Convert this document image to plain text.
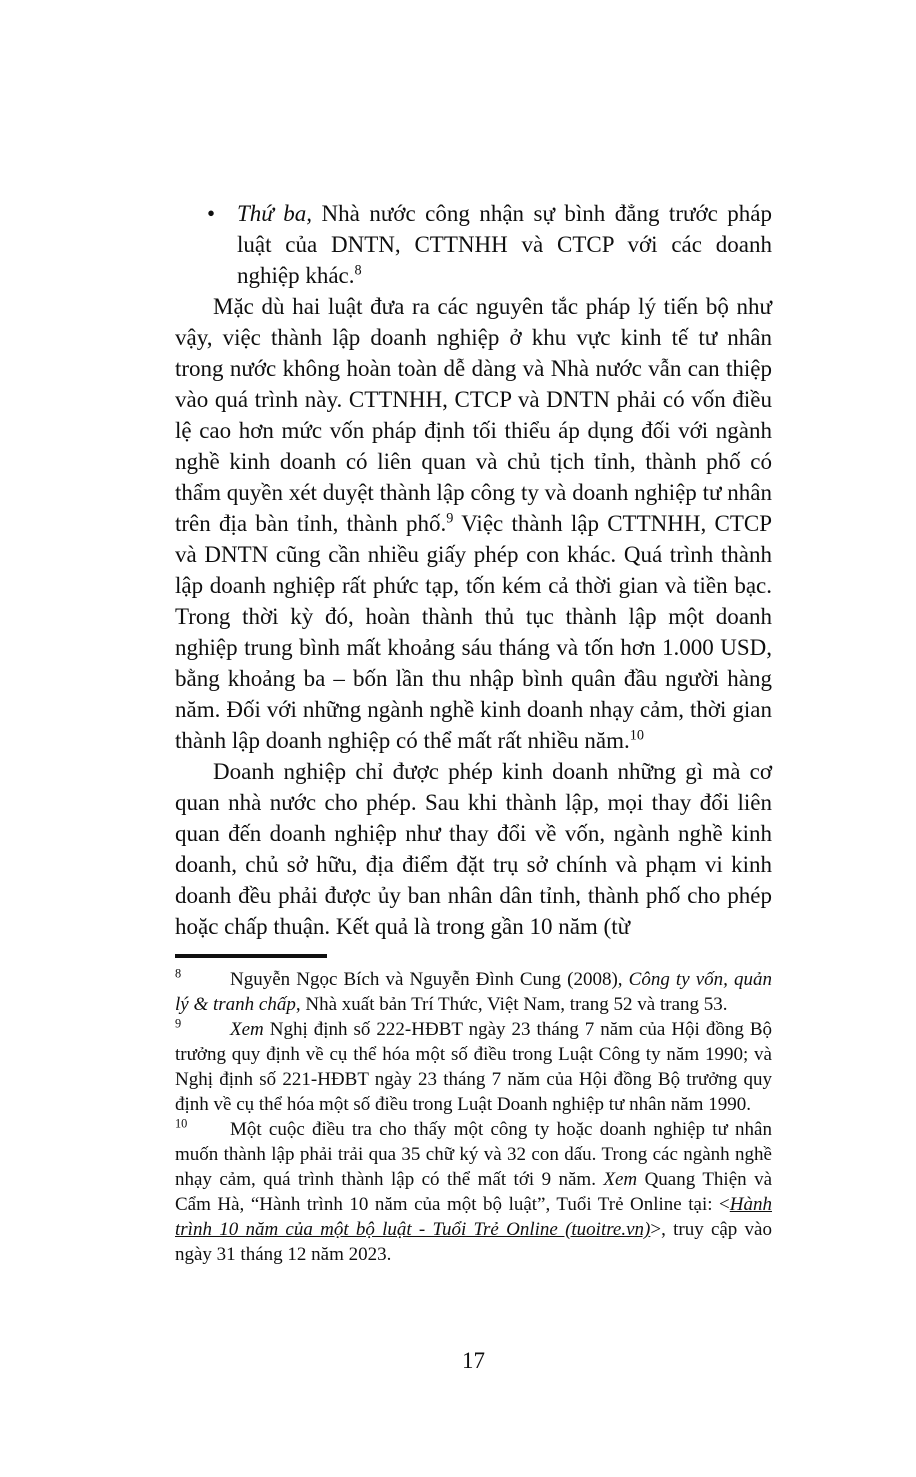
• Thứ ba, Nhà nước công nhận sự bình đẳng trước pháp luật của DNTN, CTTNHH và CTCP với các doanh nghiệp khác.$^8$

Mặc dù hai luật đưa ra các nguyên tắc pháp lý tiến bộ như vậy, việc thành lập doanh nghiệp ở khu vực kinh tế tư nhân trong nước không hoàn toàn dễ dàng và Nhà nước vẫn can thiệp vào quá trình này. CTTNHH, CTCP và DNTN phải có vốn điều lệ cao hơn mức vốn pháp định tối thiểu áp dụng đối với ngành nghề kinh doanh có liên quan và chủ tịch tỉnh, thành phố có thẩm quyền xét duyệt thành lập công ty và doanh nghiệp tư nhân trên địa bàn tỉnh, thành phố.$^9$ Việc thành lập CTTNHH, CTCP và DNTN cũng cần nhiều giấy phép con khác. Quá trình thành lập doanh nghiệp rất phức tạp, tốn kém cả thời gian và tiền bạc. Trong thời kỳ đó, hoàn thành thủ tục thành lập một doanh nghiệp trung bình mất khoảng sáu tháng và tốn hơn 1.000 USD, bằng khoảng ba – bốn lần thu nhập bình quân đầu người hàng năm. Đối với những ngành nghề kinh doanh nhạy cảm, thời gian thành lập doanh nghiệp có thể mất rất nhiều năm.$^{10}$

Doanh nghiệp chỉ được phép kinh doanh những gì mà cơ quan nhà nước cho phép. Sau khi thành lập, mọi thay đổi liên quan đến doanh nghiệp như thay đổi về vốn, ngành nghề kinh doanh, chủ sở hữu, địa điểm đặt trụ sở chính và phạm vi kinh doanh đều phải được ủy ban nhân dân tỉnh, thành phố cho phép hoặc chấp thuận. Kết quả là trong gần 10 năm (từ

$^8$	Nguyễn Ngọc Bích và Nguyễn Đình Cung (2008), Công ty vốn, quản lý & tranh chấp, Nhà xuất bản Trí Thức, Việt Nam, trang 52 và trang 53.

$^9$	Xem Nghị định số 222-HĐBT ngày 23 tháng 7 năm của Hội đồng Bộ trưởng quy định về cụ thể hóa một số điều trong Luật Công ty năm 1990; và Nghị định số 221-HĐBT ngày 23 tháng 7 năm của Hội đồng Bộ trưởng quy định về cụ thể hóa một số điều trong Luật Doanh nghiệp tư nhân năm 1990.

$^{10}$ Một cuộc điều tra cho thấy một công ty hoặc doanh nghiệp tư nhân muốn thành lập phải trải qua 35 chữ ký và 32 con dấu. Trong các ngành nghề nhạy cảm, quá trình thành lập có thể mất tới 9 năm. Xem Quang Thiện và Cẩm Hà, “Hành trình 10 năm của một bộ luật”, Tuổi Trẻ Online tại: <Hành trình 10 năm của một bộ luật - Tuổi Trẻ Online (tuoitre.vn)>, truy cập vào ngày 31 tháng 12 năm 2023.

17
